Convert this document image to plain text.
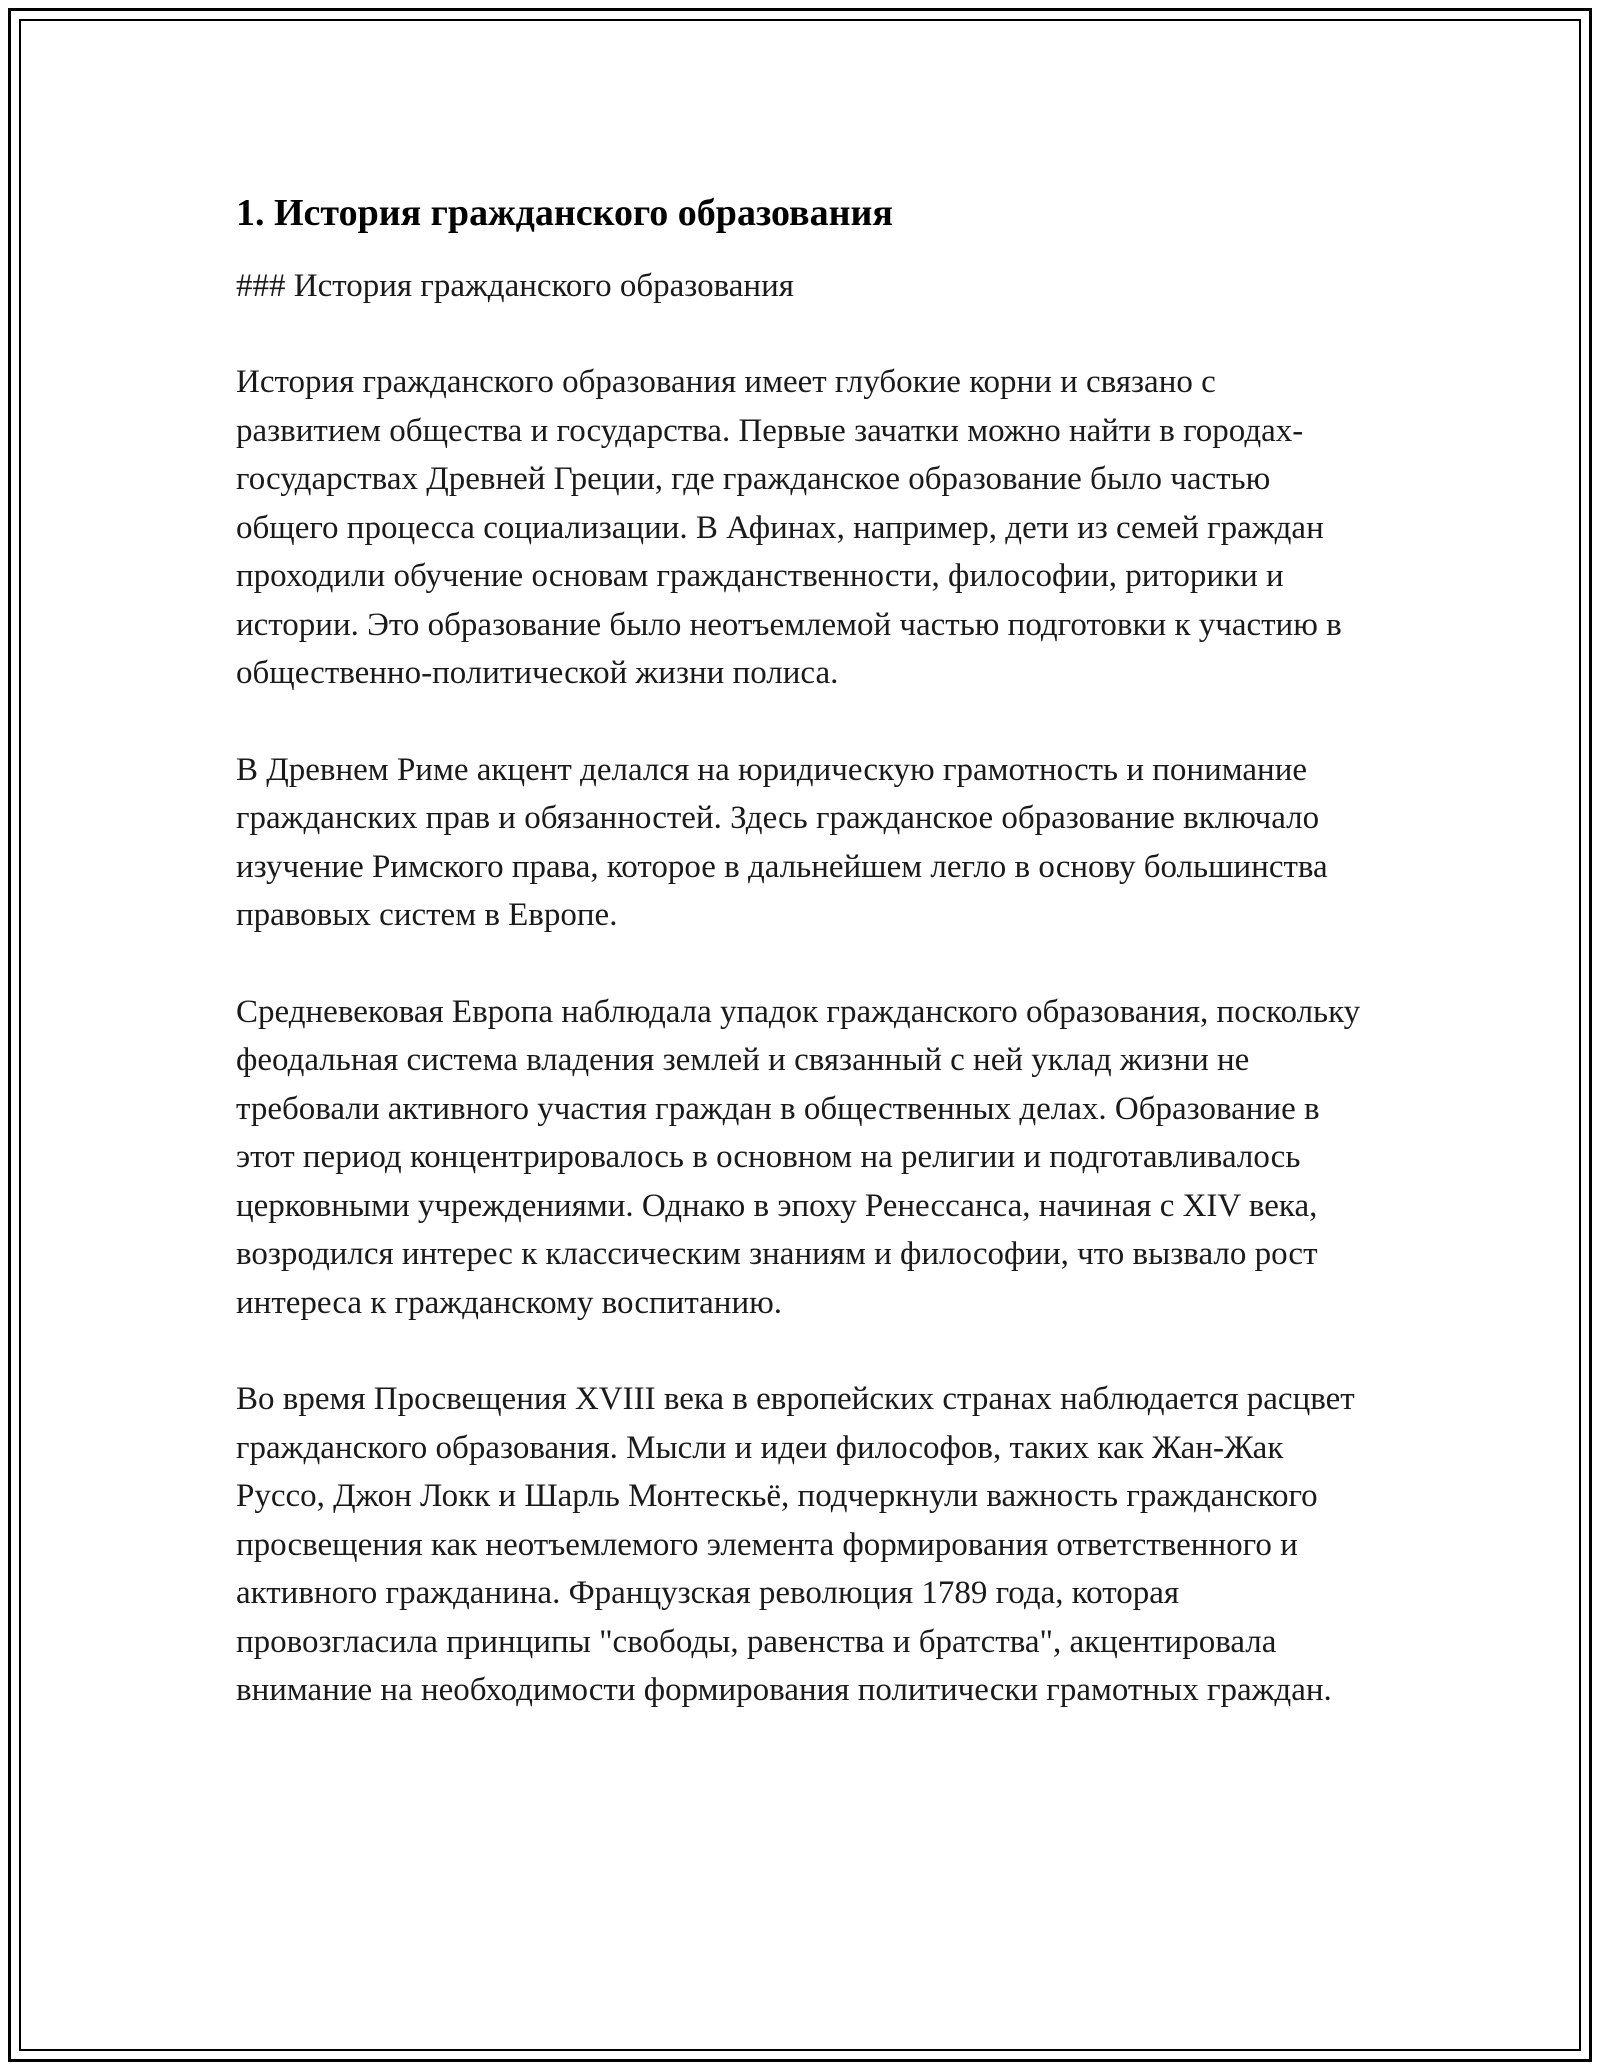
1. История гражданского образования

### История гражданского образования

История гражданского образования имеет глубокие корни и связано с развитием общества и государства. Первые зачатки можно найти в городах-государствах Древней Греции, где гражданское образование было частью общего процесса социализации. В Афинах, например, дети из семей граждан проходили обучение основам гражданственности, философии, риторики и истории. Это образование было неотъемлемой частью подготовки к участию в общественно-политической жизни полиса.

В Древнем Риме акцент делался на юридическую грамотность и понимание гражданских прав и обязанностей. Здесь гражданское образование включало изучение Римского права, которое в дальнейшем легло в основу большинства правовых систем в Европе.

Средневековая Европа наблюдала упадок гражданского образования, поскольку феодальная система владения землей и связанный с ней уклад жизни не требовали активного участия граждан в общественных делах. Образование в этот период концентрировалось в основном на религии и подготавливалось церковными учреждениями. Однако в эпоху Ренессанса, начиная с XIV века, возродился интерес к классическим знаниям и философии, что вызвало рост интереса к гражданскому воспитанию.

Во время Просвещения XVIII века в европейских странах наблюдается расцвет гражданского образования. Мысли и идеи философов, таких как Жан-Жак Руссо, Джон Локк и Шарль Монтескьё, подчеркнули важность гражданского просвещения как неотъемлемого элемента формирования ответственного и активного гражданина. Французская революция 1789 года, которая провозгласила принципы "свободы, равенства и братства", акцентировала внимание на необходимости формирования политически грамотных граждан.
